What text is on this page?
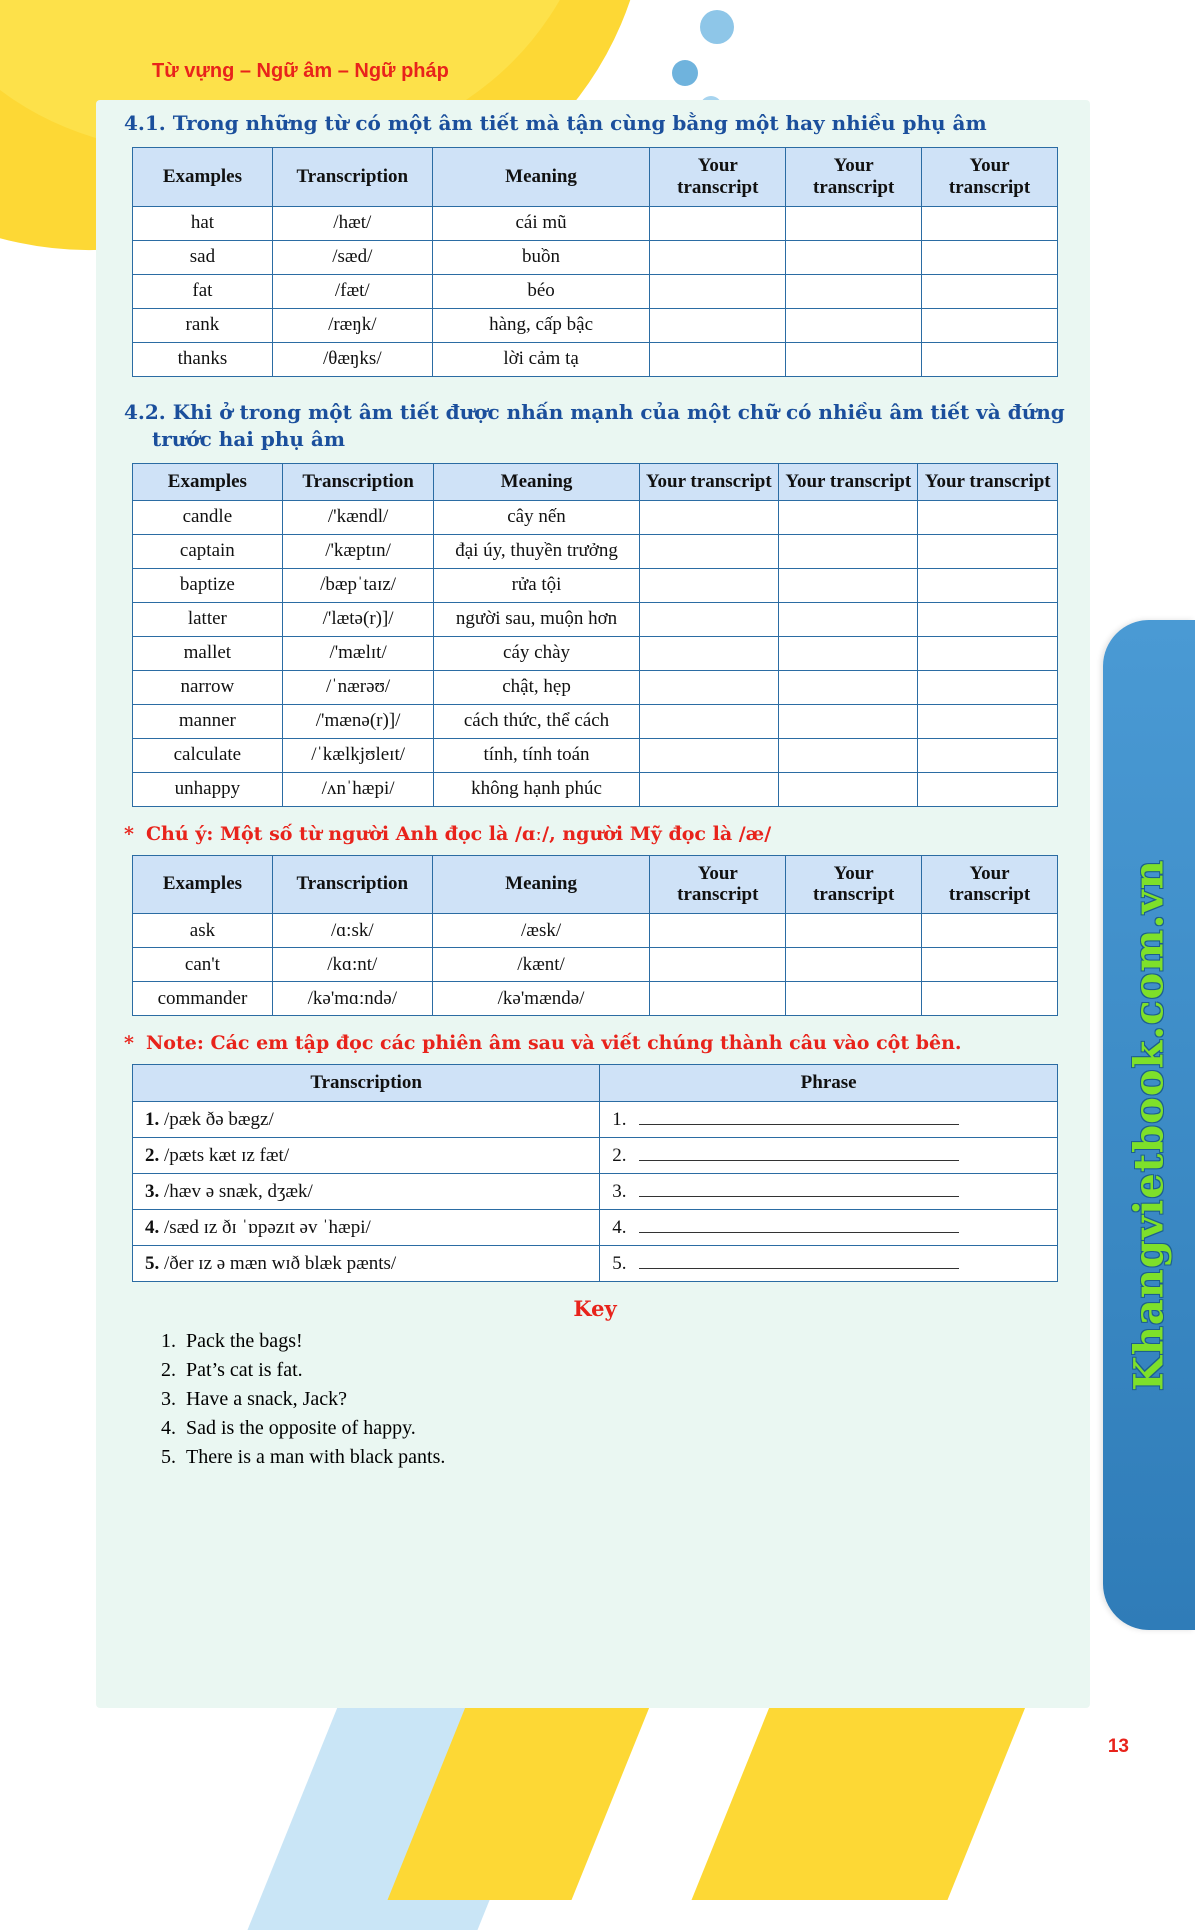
Khangvietbook.com.vn
Từ vựng – Ngữ âm – Ngữ pháp
4.1. Trong những từ có một âm tiết mà tận cùng bằng một hay nhiều phụ âm
Examples	Transcription	Meaning	Your transcript	Your transcript	Your transcript
hat	/hæt/	cái mũ			
sad	/sæd/	buồn			
fat	/fæt/	béo			
rank	/ræŋk/	hàng, cấp bậc			
thanks	/θæŋks/	lời cảm tạ			
4.2. Khi ở trong một âm tiết được nhấn mạnh của một chữ có nhiều âm tiết và đứng
trước hai phụ âm
Examples	Transcription	Meaning	Your transcript	Your transcript	Your transcript
candle	/'kændl/	cây nến			
captain	/'kæptɪn/	đại úy, thuyền trưởng			
baptize	/bæpˈtaɪz/	rửa tội			
latter	/'lætə(r)]/	người sau, muộn hơn			
mallet	/'mælɪt/	cáy chày			
narrow	/ˈnærəʊ/	chật, hẹp			
manner	/'mænə(r)]/	cách thức, thể cách			
calculate	/ˈkælkjʊleɪt/	tính, tính toán			
unhappy	/ʌnˈhæpi/	không hạnh phúc			
* Chú ý: Một số từ người Anh đọc là /ɑː/, người Mỹ đọc là /æ/
Examples	Transcription	Meaning	Your transcript	Your transcript	Your transcript
ask	/ɑ:sk/	/æsk/			
can't	/kɑ:nt/	/kænt/			
commander	/kə'mɑ:ndə/	/kə'mændə/			
* Note: Các em tập đọc các phiên âm sau và viết chúng thành câu vào cột bên.
Transcription	Phrase
1. /pæk ðə bægz/	1.
2. /pæts kæt ɪz fæt/	2.
3. /hæv ə snæk, dʒæk/	3.
4. /sæd ɪz ðɪ ˈɒpəzɪt əv ˈhæpi/	4.
5. /ðer ɪz ə mæn wɪð blæk pænts/	5.
Key
1. Pack the bags!
2. Pat’s cat is fat.
3. Have a snack, Jack?
4. Sad is the opposite of happy.
5. There is a man with black pants.
13
